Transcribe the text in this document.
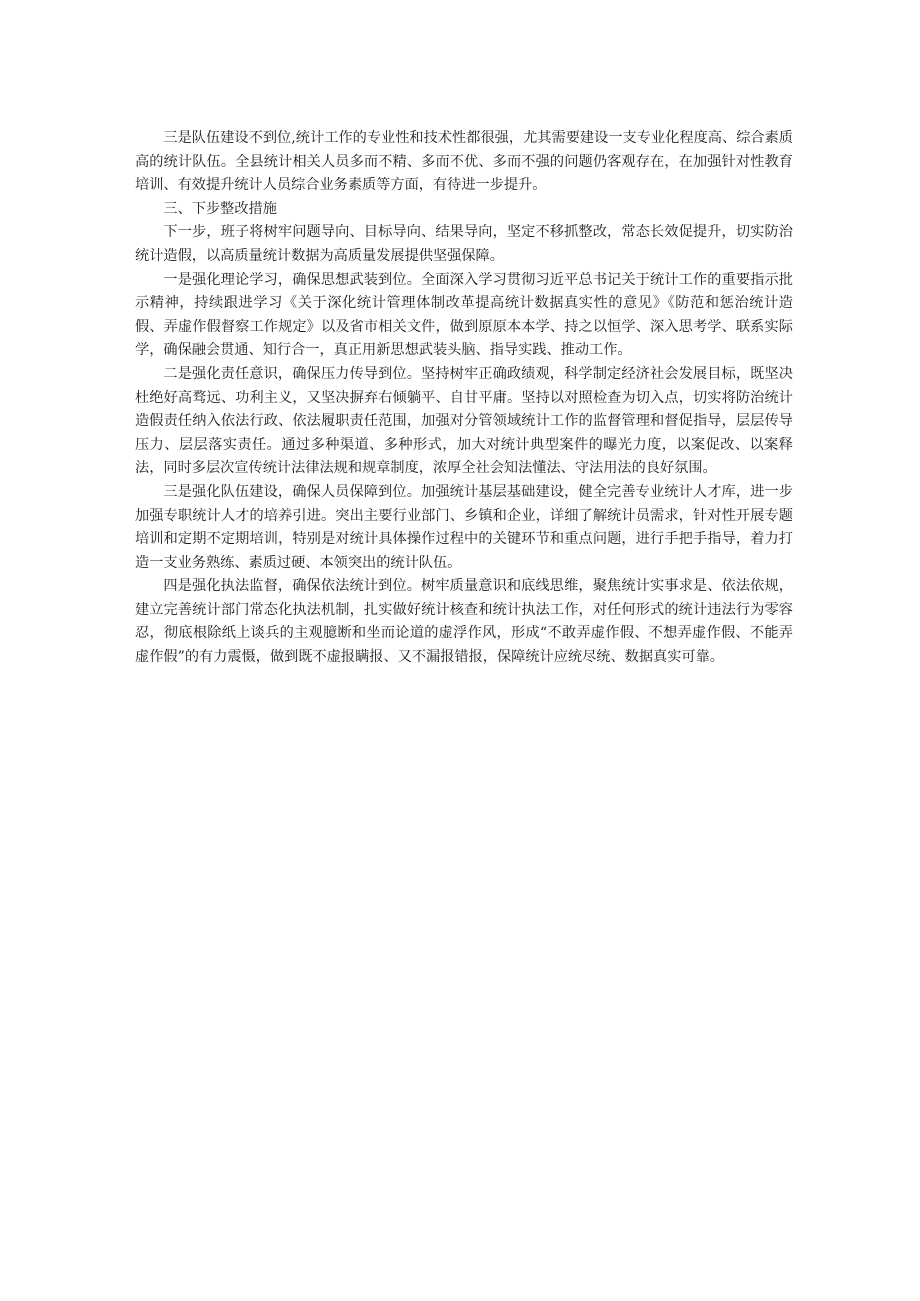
三是队伍建设不到位,统计工作的专业性和技术性都很强，尤其需要建设一支专业化程度高、综合素质高的统计队伍。全县统计相关人员多而不精、多而不优、多而不强的问题仍客观存在，在加强针对性教育培训、有效提升统计人员综合业务素质等方面，有待进一步提升。

三、下步整改措施

下一步，班子将树牢问题导向、目标导向、结果导向，坚定不移抓整改，常态长效促提升，切实防治统计造假，以高质量统计数据为高质量发展提供坚强保障。

一是强化理论学习，确保思想武装到位。全面深入学习贯彻习近平总书记关于统计工作的重要指示批示精神，持续跟进学习《关于深化统计管理体制改革提高统计数据真实性的意见》《防范和惩治统计造假、弄虚作假督察工作规定》以及省市相关文件，做到原原本本学、持之以恒学、深入思考学、联系实际学，确保融会贯通、知行合一，真正用新思想武装头脑、指导实践、推动工作。

二是强化责任意识，确保压力传导到位。坚持树牢正确政绩观，科学制定经济社会发展目标，既坚决杜绝好高骛远、功利主义，又坚决摒弃右倾躺平、自甘平庸。坚持以对照检查为切入点，切实将防治统计造假责任纳入依法行政、依法履职责任范围，加强对分管领域统计工作的监督管理和督促指导，层层传导压力、层层落实责任。通过多种渠道、多种形式，加大对统计典型案件的曝光力度，以案促改、以案释法，同时多层次宣传统计法律法规和规章制度，浓厚全社会知法懂法、守法用法的良好氛围。

三是强化队伍建设，确保人员保障到位。加强统计基层基础建设，健全完善专业统计人才库，进一步加强专职统计人才的培养引进。突出主要行业部门、乡镇和企业，详细了解统计员需求，针对性开展专题培训和定期不定期培训，特别是对统计具体操作过程中的关键环节和重点问题，进行手把手指导，着力打造一支业务熟练、素质过硬、本领突出的统计队伍。

四是强化执法监督，确保依法统计到位。树牢质量意识和底线思维，聚焦统计实事求是、依法依规，建立完善统计部门常态化执法机制，扎实做好统计核查和统计执法工作，对任何形式的统计违法行为零容忍，彻底根除纸上谈兵的主观臆断和坐而论道的虚浮作风，形成“不敢弄虚作假、不想弄虚作假、不能弄虚作假”的有力震慑，做到既不虚报瞒报、又不漏报错报，保障统计应统尽统、数据真实可靠。
